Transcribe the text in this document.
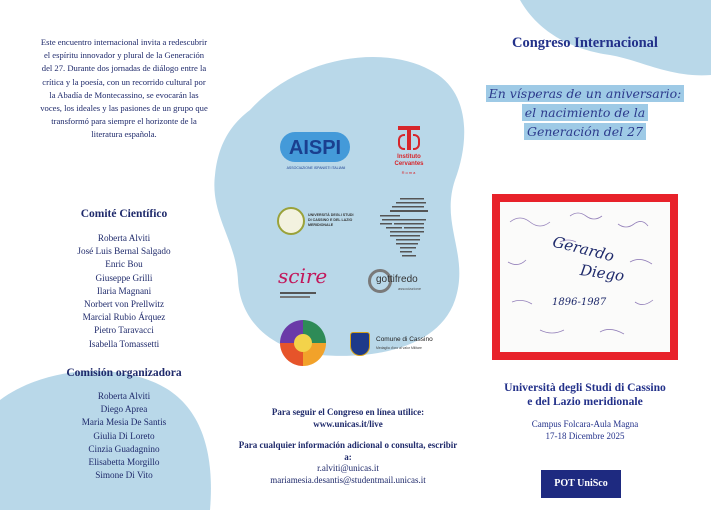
Este encuentro internacional invita a redescubrir el espíritu innovador y plural de la Generación del 27. Durante dos jornadas de diálogo entre la crítica y la poesía, con un recorrido cultural por la Abadía de Montecassino, se evocarán las voces, los ideales y las pasiones de un grupo que transformó para siempre el horizonte de la literatura española.
Comité Científico
Roberta Alviti
José Luis Bernal Salgado
Enric Bou
Giuseppe Grilli
Ilaria Magnani
Norbert von Prellwitz
Marcial Rubio Árquez
Pietro Taravacci
Isabella Tomassetti
Comisión organizadora
Roberta Alviti
Diego Aprea
Maria Mesia De Santis
Giulia Di Loreto
Cinzia Guadagnino
Elisabetta Morgillo
Simone Di Vito
AISPI
ASSOCIAZIONE ISPANISTI ITALIANI
Instituto Cervantes
Roma
UNIVERSITÀ DEGLI STUDI DI CASSINO E DEL LAZIO MERIDIONALE
scire	gottifredo
associazione
Comune di Cassino
Medaglia d'oro al valor Militare
Para seguir el Congreso en línea utilice:
www.unicas.it/live
Para cualquier información adicional o consulta, escribir a:
r.alviti@unicas.it
mariamesia.desantis@studentmail.unicas.it
Congreso Internacional
En vísperas de un aniversario:
el nacimiento de la
Generación del 27
Gerardo
Diego
1896-1987
Università degli Studi di Cassino
e del Lazio meridionale
Campus Folcara-Aula Magna
17-18 Dicembre 2025
POT UniSco
